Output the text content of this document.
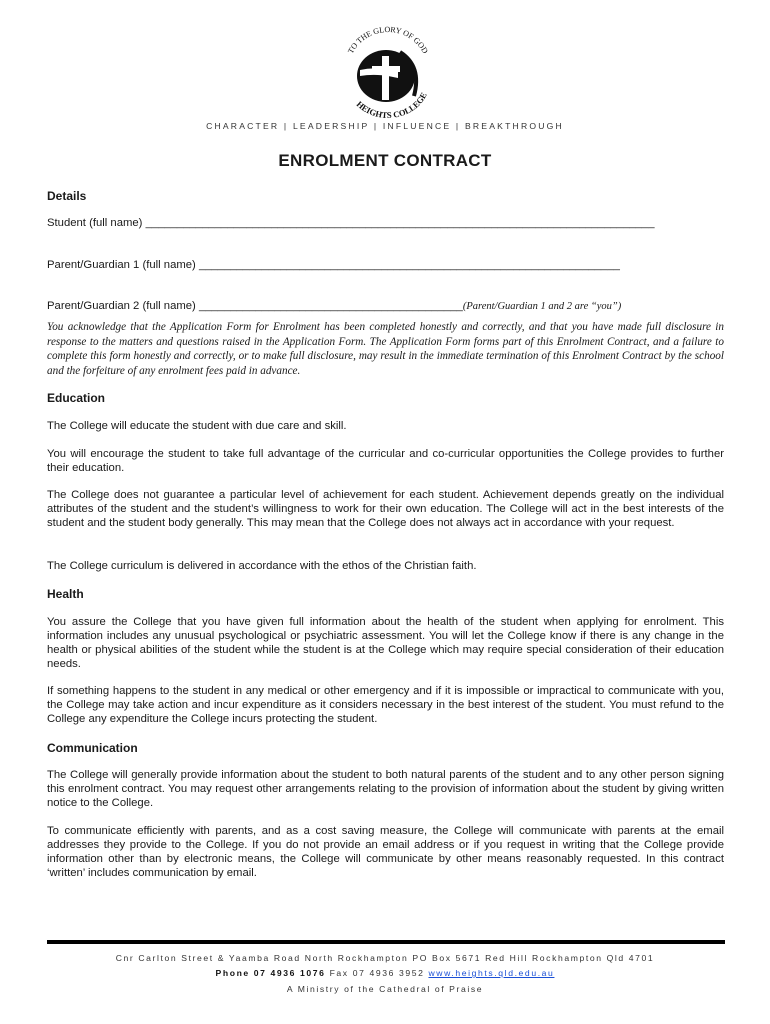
TO THE GLORY OF GOD
HEIGHTS COLLEGE
CHARACTER | LEADERSHIP | INFLUENCE | BREAKTHROUGH
ENROLMENT CONTRACT
Details
Student (full name) _________________________________________________________________________________
Parent/Guardian 1 (full name) ___________________________________________________________________
Parent/Guardian 2 (full name) __________________________________________(Parent/Guardian 1 and 2 are “you”)
You acknowledge that the Application Form for Enrolment has been completed honestly and correctly, and that you have made full disclosure in response to the matters and questions raised in the Application Form. The Application Form forms part of this Enrolment Contract, and a failure to complete this form honestly and correctly, or to make full disclosure, may result in the immediate termination of this Enrolment Contract by the school and the forfeiture of any enrolment fees paid in advance.
Education
The College will educate the student with due care and skill.
You will encourage the student to take full advantage of the curricular and co-curricular opportunities the College provides to further their education.
The College does not guarantee a particular level of achievement for each student. Achievement depends greatly on the individual attributes of the student and the student’s willingness to work for their own education. The College will act in the best interests of the student and the student body generally. This may mean that the College does not always act in accordance with your request.
The College curriculum is delivered in accordance with the ethos of the Christian faith.
Health
You assure the College that you have given full information about the health of the student when applying for enrolment. This information includes any unusual psychological or psychiatric assessment. You will let the College know if there is any change in the health or physical abilities of the student while the student is at the College which may require special consideration of their education needs.
If something happens to the student in any medical or other emergency and if it is impossible or impractical to communicate with you, the College may take action and incur expenditure as it considers necessary in the best interest of the student. You must refund to the College any expenditure the College incurs protecting the student.
Communication
The College will generally provide information about the student to both natural parents of the student and to any other person signing this enrolment contract. You may request other arrangements relating to the provision of information about the student by giving written notice to the College.
To communicate efficiently with parents, and as a cost saving measure, the College will communicate with parents at the email addresses they provide to the College. If you do not provide an email address or if you request in writing that the College provide information other than by electronic means, the College will communicate by other means reasonably requested. In this contract ‘written’ includes communication by email.
Cnr Carlton Street & Yaamba Road North Rockhampton PO Box 5671 Red Hill Rockhampton Qld 4701
Phone 07 4936 1076 Fax 07 4936 3952 www.heights.qld.edu.au
A Ministry of the Cathedral of Praise
